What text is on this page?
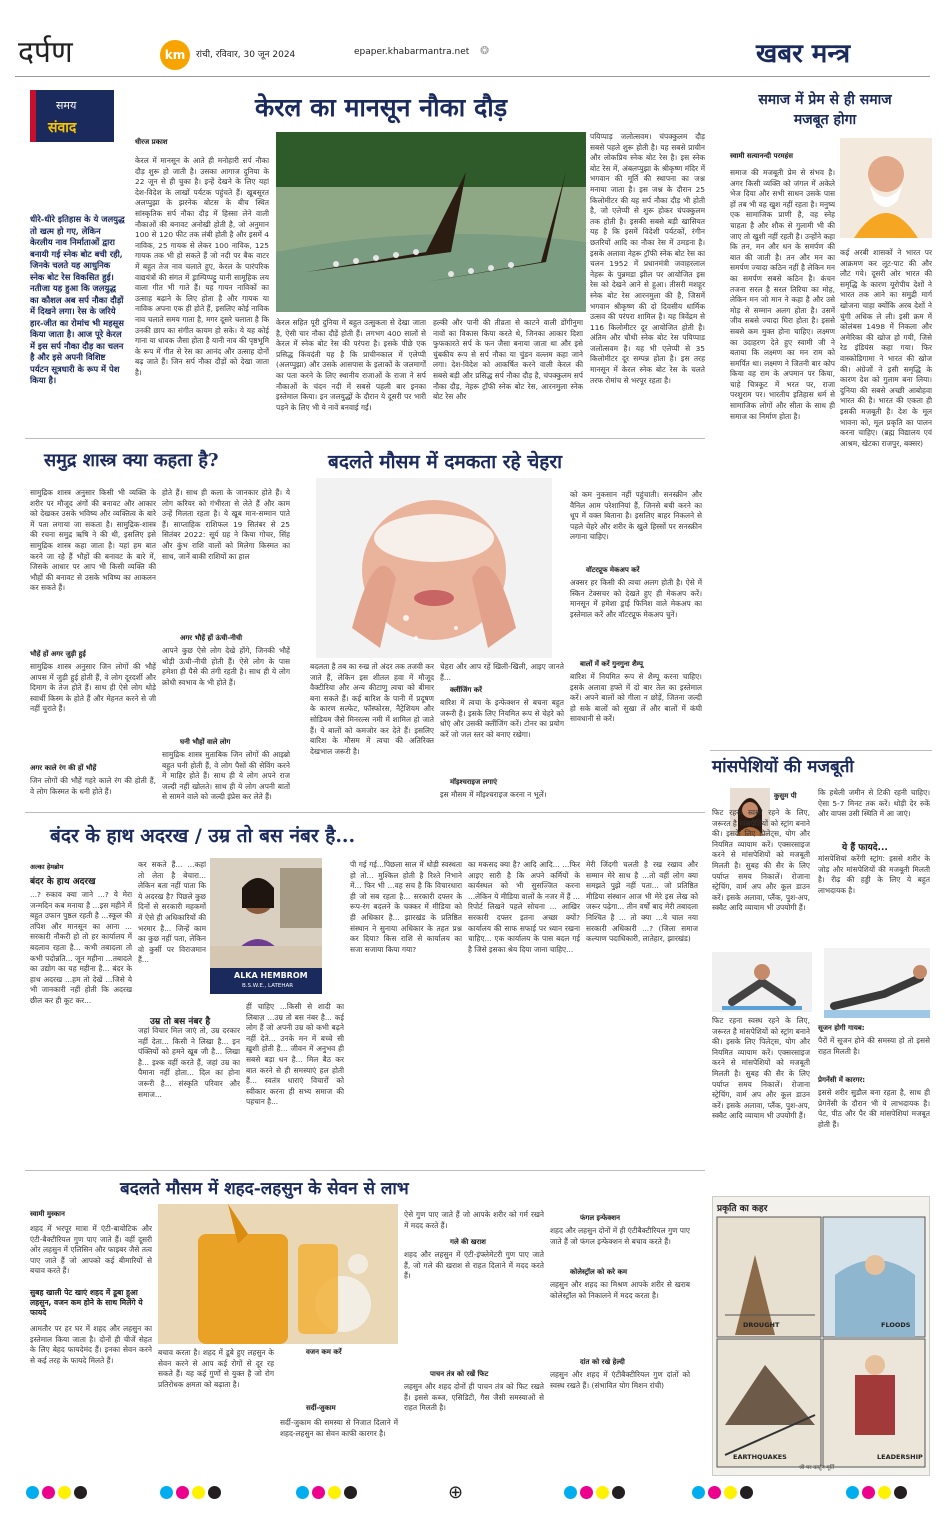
दर्पण	km	रांची, रविवार, 30 जून 2024	epaper.khabarmantra.net ❂	खबर मन्त्र
समय
संवाद
धीरे-धीरे इतिहास के ये जलयुद्ध तो खत्म हो गए, लेकिन केरलीय नाव निर्माताओं द्वारा बनायी गई स्नेक बोट बची रही, जिनके चलते यह आधुनिक स्नेक बोट रेस विकसित हुई। नतीजा यह हुआ कि जलयुद्ध का कौशल अब सर्प नौका दौड़ों में दिखने लगा। रेस के जरिये हार-जीत का रोमांच भी महसूस किया जाता है। आज पूरे केरल में इस सर्प नौका दौड़ का चलन है और इसे अपनी विशिष्ट पर्यटन सूत्रधारी के रूप में पेश किया है।
केरल का मानसून नौका दौड़
धीरज प्रकाश
केरल में मानसून के आते ही मनोहारी सर्प नौका दौड़ शुरू हो जाती है। उसका आगाज दुनिया के 22 जून से ही चुका है। इन्हें देखने के लिए यहां देश-विदेश के लाखों पर्यटक पहुंचते हैं। खूबसूरत अलप्पुझा के झरनेक बोटस के बीच स्थित सांस्कृतिक सर्प नौका दौड़ में हिस्सा लेने वाली नौकाओं की बनावट अनोखी होती है, जो अनुमान 100 से 120 फीट तक लंबी होती है और इसमें 4 नाविक, 25 गायक से लेकर 100 नाविक, 125 गायक तक भी हो सकते हैं जो नदी पर बैक वाटर में बहुत तेज नाव चलाते हुए, केरल के पारंपरिक वाद्ययंत्रों की संगत में ड्राम्पिप्पट्टु यानी सामूहिक लय वाला गीत भी गाते हैं। यह गायन नाविकों का उत्साह बढ़ाने के लिए होता है और गायक या नाविक अपना एक ही होते हैं, इसलिए कोई नाविक नाव चलाते समय गाता है, मगर दूसरे चलाता है कि उनकी छाप का संगीत कायम हो सके। ये यह कोई गाना या धावक जैसा होता है यानी नाव की पृष्ठभूमि के रूप में गीत से रेस का आनंद और उत्साह दोनों बढ़ जाते हैं। जिन सर्प नौका दौड़ों को देखा जाता है।
केरल सहित पूरी दुनिया में बहुत उत्सुकता से देखा जाता है, ऐसी चार नौका दौड़ें होती हैं। लगभग 400 सालों से केरल में स्नेक बोट रेस की परंपरा है। इसके पीछे एक प्रसिद्ध किंवदंती यह है कि प्राचीनकाल में एलेप्पी (अलप्पुझा) और उसके आसपास के इलाकों के जलमार्गों का पता करने के लिए स्थानीय राजाओं के राजा ने सर्प नौकाओं के चंदन नदी में सबसे पहली बार इनका इस्तेमाल किया। इन जलयुद्धों के दौरान ये दूसरी पर भारी पड़ने के लिए भी ये नावें बनवाई गईं।
हल्की और पानी की तीव्रता से काटने वाली डोंगीनुमा नावों का विकास किया करते थे, जिनका आकार दिशा फुफकारते सर्प के फन जैसा बनाया जाता था और इसे चुंबकीय रूप से सर्प नौका या चुंडन वल्लम कहा जाने लगा। देश-विदेश को आकर्षित करने वाली केरल की सबसे बड़ी और प्रसिद्ध सर्प नौका दौड़ है, चंपक्कुलम सर्प नौका दौड़, नेहरू ट्रॉफी स्नेक बोट रेस, आरनमुला स्नेक बोट रेस और
पयिप्पाड़ जलोत्सवम। चंपक्कुलम दौड़ सबसे पहले शुरू होती है। यह सबसे प्राचीन और लोकप्रिय स्नेक बोट रेस है। इस स्नेक बोट रेस में, अंबलप्पुझा के श्रीकृष्ण मंदिर में भगवान की मूर्ति की स्थापना का जश्न मनाया जाता है। इस जश्न के दौरान 25 किलोमीटर की यह सर्प नौका दौड़ भी होती है, जो एलेप्पी से शुरू होकर चंपक्कुलम तक होती है। इसकी सबसे बड़ी खासियत यह है कि इसमें विदेशी पर्यटकों, रंगीन छतरियों आदि का नौका रेस में उमड़ना है। इसके अलावा नेहरू ट्रॉफी स्नेक बोट रेस का चलन 1952 में प्रधानमंत्री जवाहरलाल नेहरू के पुन्नमडा झील पर आयोजित इस रेस को देखने आने से हुआ। तीसरी मशहूर स्नेक बोट रेस आरनमुला की है, जिसमें भगवान श्रीकृष्ण की दो दिवसीय धार्मिक उत्सव की परंपरा शामिल है। यह त्रिवेंद्रम से 116 किलोमीटर दूर आयोजित होती है। अंतिम और चौथी स्नेक बोट रेस पयिप्पाड जलोत्सवम है। यह भी एलेप्पी से 35 किलोमीटर दूर सम्पन्न होता है। इस तरह मानसून में केरल स्नेक बोट रेस के चलते तरफ रोमांच से भरपूर रहता है।
समाज में प्रेम से ही समाज
मजबूत होगा
स्वामी सत्यानन्दी परमहंस
समाज की मजबूती प्रेम से संभव है। अगर किसी व्यक्ति को जंगल में अकेले भेज दिया और सभी साधन उसके पास हों तब भी वह खुश नहीं रहता है। मनुष्य एक सामाजिक प्राणी है, वह स्नेह चाहता है और शौक से गुलामी भी की जाए तो खुशी नहीं रहती है। उन्होंने कहा कि तन, मन और धन के समर्पण की बात की जाती है। तन और मन का समर्पण ज्यादा कठिन नहीं है लेकिन मन का समर्पण सबसे कठिन है। कंचन तजना सरल है सरल तिरिया का मोह, लेकिन मन जो मान ने कहा है और उसे मोड़ से सम्मान अलग होता है। उसमें जीव सबसे ज्यादा घिरा होता है। इससे सबसे कम मुक्त होना चाहिए। लक्ष्मण का उदाहरण देते हुए स्वामी जी ने बताया कि लक्ष्मण का मन राम को समर्पित था। लक्ष्मण ने जितनी बार कोप किया वह राम के अपमान पर किया, चाहे चित्रकूट में भरत पर, राजा परशुराम पर। भारतीय इतिहास धर्म से सामाजिक लोगों और सीता के साथ ही समाज का निर्माण होता है।
कई अरबी शासकों ने भारत पर आक्रमण कर लूट-पाट की और लौट गये। दूसरी ओर भारत की समृद्धि के कारण यूरोपीय देशों ने भारत तक आने का समुद्री मार्ग खोजना चाहा क्योंकि अरब देशों ने चुंगी अधिक ले ली। इसी क्रम में कोलंबस 1498 में निकला और अमेरिका की खोज हो गयी, जिसे रेड इंडियंस कहा गया। फिर वास्कोडिगामा ने भारत की खोज की। अंग्रेजों ने इसी समृद्धि के कारण देश को गुलाम बना लिया। दुनिया की सबसे अच्छी आबोहवा भारत की है। भारत की एकता ही इसकी मजबूती है। देश के मूल भावना को, मूल प्रकृति का पालन करना चाहिए। (ब्रह्म विद्यालय एवं आश्रम, खेटका राजपुर, बक्सर)
समुद्र शास्त्र क्या कहता है?
सामुद्रिक शास्त्र अनुसार किसी भी व्यक्ति के शरीर पर मौजूद अंगों की बनावट और आकार को देखकर उसके भविष्य और व्यक्तित्व के बारे में पता लगाया जा सकता है। सामुद्रिक-शास्त्र की रचना समुद्र ऋषि ने की थी, इसलिए इसे सामुद्रिक शास्त्र कहा जाता है। यहां हम बात करने जा रहे हैं भौहों की बनावट के बारे में, जिसके आधार पर आप भी किसी व्यक्ति की भौहों की बनावट से उसके भविष्य का आकलन कर सकते हैं।
भौहें हों अगर जुड़ी हुई
सामुद्रिक शास्त्र अनुसार जिन लोगों की भौहें आपस में जुड़ी हुई होती हैं, वे लोग दूरदर्शी और दिमाग के तेज होते हैं। साथ ही ऐसे लोग थोड़े स्वार्थी किस्म के होते हैं और मेहनत करने से जी नहीं चुराते हैं।
अगर काले रंग की हों भौहें
जिन लोगों की भौहें गहरे काले रंग की होती हैं, वे लोग किस्मत के धनी होते हैं।
होते हैं। साथ ही कला के जानकार होते हैं। ये लोग करियर को गंभीरता से लेते हैं और काम उन्हें मिलता रहता है। ये खूब मान-सम्मान पाते हैं। साप्ताहिक राशिफल 19 सितंबर से 25 सितंबर 2022: सूर्य ग्रह ने किया गोचर, सिंह और कुंभ राशि वालों को मिलेगा किस्मत का साथ, जानें बाकी राशियों का हाल
अगर भौहें हों ऊंची-नीची
आपने कुछ ऐसे लोग देखे होंगे, जिनकी भौहें थोड़ी ऊंची-नीची होती हैं। ऐसे लोग के पास हमेशा ही पैसे की तंगी रहती है। साथ ही ये लोग क्रोधी स्वभाव के भी होते हैं।
घनी भौहों वाले लोग
सामुद्रिक शास्त्र मुताबिक जिन लोगों की आइब्रो बहुत घनी होती हैं, वे लोग पैसों की सेविंग करने में माहिर होते हैं। साथ ही ये लोग अपने राज जल्दी नहीं खोलते। साथ ही ये लोग अपनी बातों से सामने वाले को जल्दी इंप्रेस कर लेते हैं।
बदलते मौसम में दमकता रहे चेहरा
बदलता है तब का रुख तो अंदर तक तजवी कर जाते हैं, लेकिन इस शीतल हवा में मौजूद वैक्टीरिया और अन्य कीटाणु त्वचा को बीमार बना सकते हैं। कई बारिश के पानी में प्रदूषण के कारण सल्फेट, फॉस्फोरस, नैट्रेशियम और सोडियम जैसे मिनरल्स नमी में शामिल हो जाते हैं। ये बालों को कमजोर कर देते हैं। इसलिए बारिश के मौसम में त्वचा की अतिरिक्त देखभाल जरूरी है।
चेहरा और आप रहें खिली-खिली, आइए जानते हैं...
क्लींजिंग करें
बारिश में त्वचा के इन्फेक्शन से बचना बहुत जरूरी है। इसके लिए नियमित रूप से चेहरे को धोएं और उसकी क्लींजिंग करें। टोनर का प्रयोग करें जो जल स्तर को बनाए रखेगा।
मॉइश्चराइज लगाएं
इस मौसम में मॉइश्चराइज करना न भूलें।
को कम नुकसान नहीं पहुंचाती। सनस्क्रीन और वैनिल आम परेशानियां हैं, जिनसे बची करने का धूप में वक्त बिताना है। इसलिए बाहर निकलने से पहले चेहरे और शरीर के खुले हिस्सों पर सनस्क्रीन लगाना चाहिए।
वॉटरप्रूफ मेकअप करें
अक्सर हर किसी की त्वचा अलग होती है। ऐसे में स्किन टेक्सचर को देखते हुए ही मेकअप करें। मानसून में हमेशा ड्राई फिनिश वाले मेकअप का इस्तेमाल करें और वॉटरप्रूफ मेकअप चुनें।
बालों में करें गुनगुना शैम्पू
बारिश में नियमित रूप से शैम्पू करना चाहिए। इसके अलावा हफ्ते में दो बार तेल का इस्तेमाल करें। अपने बालों को गीला न छोड़ें, जितना जल्दी हो सके बालों को सुखा लें और बालों में कंघी सावधानी से करें।
बंदर के हाथ अदरख / उम्र तो बस नंबर है...
अल्का हेमब्रोम
बंदर के हाथ अदरख
...? रुकाव क्या जाने ...? ये मेरा जन्मदिन कब मनाया है ...इस महीने में बहुत उफान पुष्ठल रहती है ...स्कूल की तपिश और मानसून का आना ... सरकारी नौकरी हो तो हर कार्यालय में बदलाव रहता है... कभी तबादला तो कभी पदोन्नति... जून महीना ...तबादले का उद्योग का यह महीना है... बंदर के हाथ अदरख ...हम तो देखें ...जिसे ये भी जानकारी नहीं होती कि अदरख छील कर ही कूट कर...
कर सकते हैं... ...कहां तो लेता है बेचारा... लेकिन बता नहीं पाता कि ये अदरख है? पिछले कुछ दिनों से सरकारी महकमों में ऐसे ही अधिकारियों की भरमार है... जिन्हें काम का कुछ नहीं पता, लेकिन वो कुर्सी पर विराजमान हैं...
ALKA HEMBROM
B.S.W.E., LATEHAR
उम्र तो बस नंबर है
जहां विचार मिल जाएं तो, उम्र दरकार नहीं देता... किसी ने लिखा है... इन पंक्तियों को हमने खूब जी है... लिखा है... इश्क वहीं करते हैं, जहां उम्र का पैमाना नहीं होता... दिल का होना जरूरी है... संस्कृति परिवार और समाज...
हीं चाहिए ...किसी से शादी का लिबाज़ ...उम्र तो बस नंबर है... कई लोग हैं जो अपनी उम्र को कभी बढ़ने नहीं देते... उनके मन में बच्चे सी ख़ुशी होती है... जीवन में अनुभव ही सबसे बड़ा धन है... मिल बैठ कर बात करने से ही समस्याएं हल होती हैं... स्वतंत्र धाराएं विचारों को स्वीकार करना ही सभ्य समाज की पहचान है...
पी गई गई...पिछला साल में थोड़ी स्वस्थता हो तो... मुश्किल होती है रिश्ते निभाने में... फिर भी ...वह सच है कि विचारधारा ही जो सब रहता है... सरकारी दफ्तर के रूप-रंग बदलने के चक्कर में मीडिया को ही अधिकार है... झारखंड के प्रतिष्ठित संस्थान ने सुनाया अधिकार के तहत प्रश्न कर दिया? किस राशि से कार्यालय का सजा सजाया किया गया?
का मकसद क्या है? आदि आदि... ...फिर आइए सारी है कि अपने कर्मियों के कार्यस्थल को भी सुसज्जित करना ...लेकिन ये मीडिया वालों के नजर में हैं ... रिपोर्ट लिखने पहले सोचना ... आखिर सरकारी दफ्तर इतना अच्छा क्यों? कार्यालय की साफ सफाई पर ध्यान रखना चाहिए... एक कार्यालय के पास बदल गई है जिसे इसका श्रेय दिया जाना चाहिए...
मेरी जिंदगी चलती है रख रखाव और सम्मान मेरे साथ है ...तो वहीं लोग क्या समझते पुझे नहीं पता... जो प्रतिष्ठित मीडिया संस्थान आज भी मेरे इस लेख को जरूर पढ़ेगा... तीन वर्षों बाद मेरी तबादला निश्चित है ... तो क्या ...ये चाल नया सरकारी अधिकारी ...? (जिला समाज कल्याण पदाधिकारी, लातेहार, झारखंड)
मांसपेशियों की मजबूती
कुसुम पी
फिट रहना स्वस्थ रहने के लिए, जरूरत है मांसपेशियों को स्ट्रांग बनाने की। इसके लिए पिलेट्स, योग और नियमित व्यायाम करें। एक्सरसाइज करने से मांसपेशियों को मजबूती मिलती है। सुबह की सैर के लिए पर्याप्त समय निकालें। रोजाना स्ट्रेचिंग, वार्म अप और कूल डाउन करें। इसके अलावा, प्लैंक, पुश-अप, स्क्वैट आदि व्यायाम भी उपयोगी हैं।
फिट रहना स्वस्थ रहने के लिए, जरूरत है मांसपेशियों को स्ट्रांग बनाने की। इसके लिए पिलेट्स, योग और नियमित व्यायाम करें। एक्सरसाइज करने से मांसपेशियों को मजबूती मिलती है। सुबह की सैर के लिए पर्याप्त समय निकालें। रोजाना स्ट्रेचिंग, वार्म अप और कूल डाउन करें। इसके अलावा, प्लैंक, पुश-अप, स्क्वैट आदि व्यायाम भी उपयोगी हैं।
कि हथेली जमीन से टिकी रहनी चाहिए। ऐसा 5-7 मिनट तक करें। थोड़ी देर रुकें और वापस उसी स्थिति में आ जाएं।
ये हैं फायदे...
मांसपेशियां करेंगी स्ट्रांग: इससे शरीर के जोड़ और मांसपेशियों की मजबूती मिलती है। रीढ़ की हड्डी के लिए ये बहुत लाभदायक है।
सूजन होगी गायब:
पैरों में सूजन होने की समस्या हो तो इससे राहत मिलती है।
प्रेगनेंसी में कारगर:
इससे शरीर सुडौल बना रहता है, साथ ही प्रेगनेंसी के दौरान भी ये लाभदायक है। पेट, पीठ और पैर की मांसपेशियां मजबूत होती हैं।
बदलते मौसम में शहद-लहसुन के सेवन से लाभ
स्वामी मुस्कान
शहद में भरपूर मात्रा में एंटी-बायोटिक और एंटी-बैक्टीरियल गुण पाए जाते हैं। वहीं दूसरी ओर लहसुन में एलिसिन और फाइबर जैसे तत्व पाए जाते हैं जो आपको कई बीमारियों से बचाव करते हैं।
सुबह खाली पेट खाएं शहद में डूबा हुआ लहसुन, वजन कम होने के साथ मिलेंगे ये फायदे
आमतौर पर हर घर में शहद और लहसुन का इस्तेमाल किया जाता है। दोनों ही चीजें सेहत के लिए बेहद फायदेमंद हैं। इनका सेवन करने से कई तरह के फायदे मिलते हैं।
बचाव करता है। शहद में डूबे हुए लहसुन के सेवन करने से आप कई रोगों से दूर रह सकते हैं। यह कई गुणों से युक्त है जो रोग प्रतिरोधक क्षमता को बढ़ाता है।
वजन कम करें
सर्दी-जुकाम
सर्दी-जुकाम की समस्या से निजात दिलाने में शहद-लहसुन का सेवन काफी कारगर है।
ऐसे गुण पाए जाते हैं जो आपके शरीर को गर्म रखने में मदद करते हैं।
गले की खराश
शहद और लहसुन में एंटी-इंफ्लेमेटरी गुण पाए जाते हैं, जो गले की खराश से राहत दिलाने में मदद करते हैं।
पाचन तंत्र को रखें फिट
लहसुन और शहद दोनों ही पाचन तंत्र को फिट रखते हैं। इससे कब्ज, एसिडिटी, गैस जैसी समस्याओं से राहत मिलती है।
फंगल इन्फेक्शन
शहद और लहसुन दोनों में ही एंटीबैक्टीरियल गुण पाए जाते हैं जो फंगल इन्फेक्शन से बचाव करते हैं।
कोलेस्ट्रॉल को करे कम
लहसुन और शहद का मिश्रण आपके शरीर से खराब कोलेस्ट्रॉल को निकालने में मदद करता है।
दांत को रखे हेल्दी
लहसुन और शहद में एंटीबैक्टीरियल गुण दांतों को स्वस्थ रखते हैं। (संभावित योग मिशन रांची)
प्रकृति का कहर
DROUGHT	FLOODS
EARTHQUAKES	LEADERSHIP
श्री पर कार्टून मूर्ति
⊕
